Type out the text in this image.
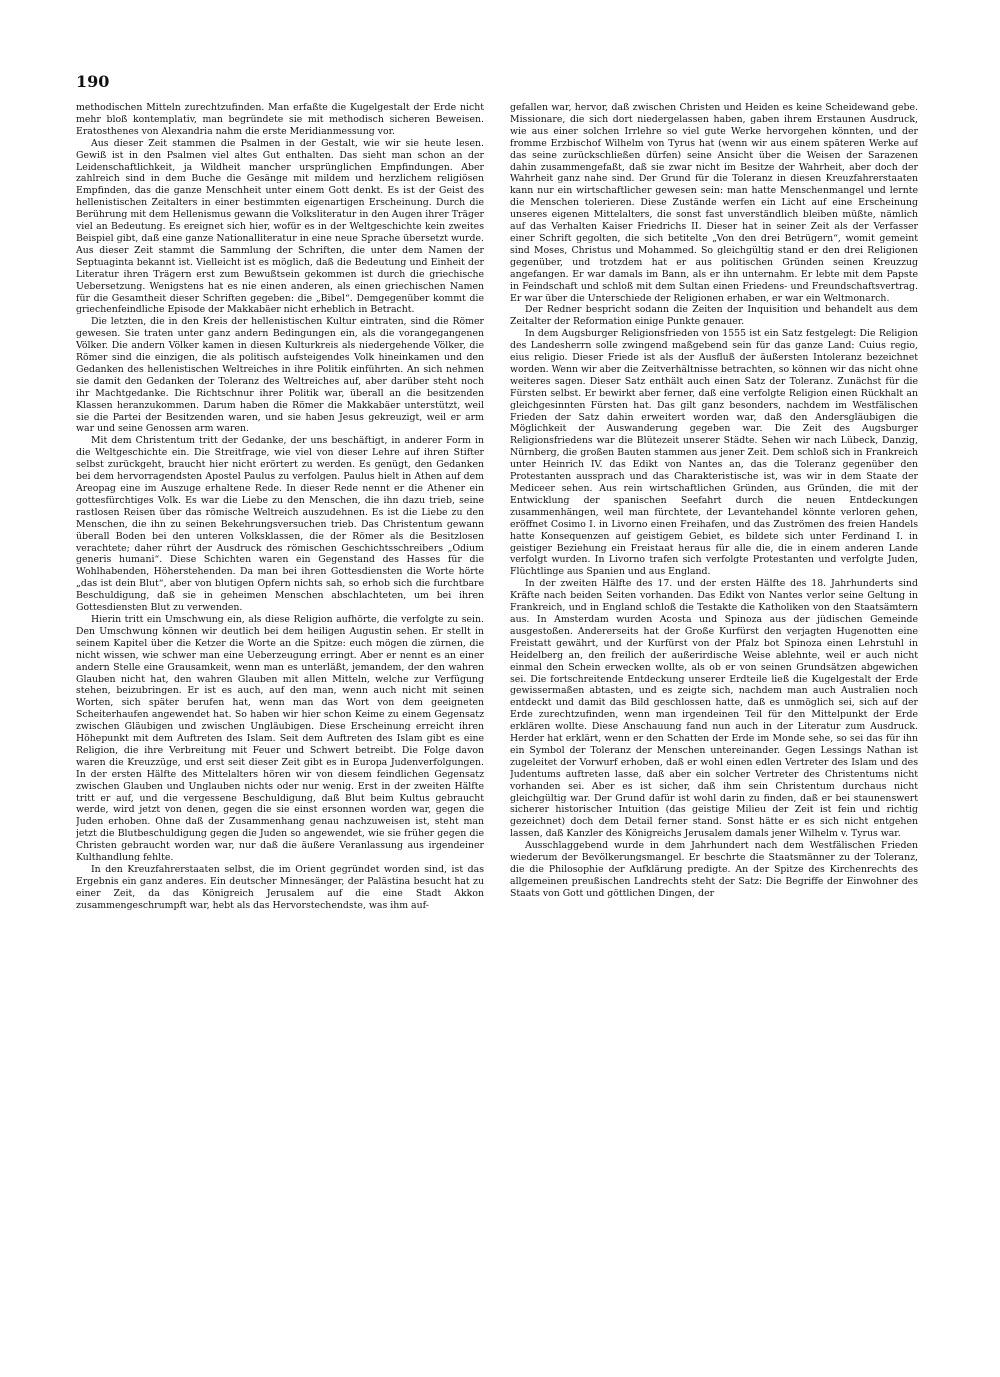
190

methodischen Mitteln zurechtzufinden. Man erfaßte die Kugelgestalt der Erde nicht mehr bloß kontemplativ, man begründete sie mit methodisch sicheren Beweisen. Eratosthenes von Alexandria nahm die erste Meridianmessung vor.

Aus dieser Zeit stammen die Psalmen in der Gestalt, wie wir sie heute lesen. Gewiß ist in den Psalmen viel altes Gut enthalten. Das sieht man schon an der Leidenschaftlichkeit, ja Wildheit mancher ursprünglichen Empfindungen. Aber zahlreich sind in dem Buche die Gesänge mit mildem und herzlichem religiösen Empfinden, das die ganze Menschheit unter einem Gott denkt. Es ist der Geist des hellenistischen Zeitalters in einer bestimmten eigenartigen Erscheinung. Durch die Berührung mit dem Hellenismus gewann die Volksliteratur in den Augen ihrer Träger viel an Bedeutung. Es ereignet sich hier, wofür es in der Weltgeschichte kein zweites Beispiel gibt, daß eine ganze Nationalliteratur in eine neue Sprache übersetzt wurde. Aus dieser Zeit stammt die Sammlung der Schriften, die unter dem Namen der Septuaginta bekannt ist. Vielleicht ist es möglich, daß die Bedeutung und Einheit der Literatur ihren Trägern erst zum Bewußtsein gekommen ist durch die griechische Uebersetzung. Wenigstens hat es nie einen anderen, als einen griechischen Namen für die Gesamtheit dieser Schriften gegeben: die „Bibel“. Demgegenüber kommt die griechenfeindliche Episode der Makkabäer nicht erheblich in Betracht.

Die letzten, die in den Kreis der hellenistischen Kultur eintraten, sind die Römer gewesen. Sie traten unter ganz andern Bedingungen ein, als die vorangegangenen Völker. Die andern Völker kamen in diesen Kulturkreis als niedergehende Völker, die Römer sind die einzigen, die als politisch aufsteigendes Volk hineinkamen und den Gedanken des hellenistischen Weltreiches in ihre Politik einführten. An sich nehmen sie damit den Gedanken der Toleranz des Weltreiches auf, aber darüber steht noch ihr Machtgedanke. Die Richtschnur ihrer Politik war, überall an die besitzenden Klassen heranzukommen. Darum haben die Römer die Makkabäer unterstützt, weil sie die Partei der Besitzenden waren, und sie haben Jesus gekreuzigt, weil er arm war und seine Genossen arm waren.

Mit dem Christentum tritt der Gedanke, der uns beschäftigt, in anderer Form in die Weltgeschichte ein. Die Streitfrage, wie viel von dieser Lehre auf ihren Stifter selbst zurückgeht, braucht hier nicht erörtert zu werden. Es genügt, den Gedanken bei dem hervorragendsten Apostel Paulus zu verfolgen. Paulus hielt in Athen auf dem Areopag eine im Auszuge erhaltene Rede. In dieser Rede nennt er die Athener ein gottesfürchtiges Volk. Es war die Liebe zu den Menschen, die ihn dazu trieb, seine rastlosen Reisen über das römische Weltreich auszudehnen. Es ist die Liebe zu den Menschen, die ihn zu seinen Bekehrungsversuchen trieb. Das Christentum gewann überall Boden bei den unteren Volksklassen, die der Römer als die Besitzlosen verachtete; daher rührt der Ausdruck des römischen Geschichtsschreibers „Odium generis humani“. Diese Schichten waren ein Gegenstand des Hasses für die Wohlhabenden, Höherstehenden. Da man bei ihren Gottesdiensten die Worte hörte „das ist dein Blut“, aber von blutigen Opfern nichts sah, so erhob sich die furchtbare Beschuldigung, daß sie in geheimen Menschen abschlachteten, um bei ihren Gottesdiensten Blut zu verwenden.

Hierin tritt ein Umschwung ein, als diese Religion aufhörte, die verfolgte zu sein. Den Umschwung können wir deutlich bei dem heiligen Augustin sehen. Er stellt in seinem Kapitel über die Ketzer die Worte an die Spitze: euch mögen die zürnen, die nicht wissen, wie schwer man eine Ueberzeugung erringt. Aber er nennt es an einer andern Stelle eine Grausamkeit, wenn man es unterläßt, jemandem, der den wahren Glauben nicht hat, den wahren Glauben mit allen Mitteln, welche zur Verfügung stehen, beizubringen. Er ist es auch, auf den man, wenn auch nicht mit seinen Worten, sich später berufen hat, wenn man das Wort von dem geeigneten Scheiterhaufen angewendet hat. So haben wir hier schon Keime zu einem Gegensatz zwischen Gläubigen und zwischen Ungläubigen. Diese Erscheinung erreicht ihren Höhepunkt mit dem Auftreten des Islam. Seit dem Auftreten des Islam gibt es eine Religion, die ihre Verbreitung mit Feuer und Schwert betreibt. Die Folge davon waren die Kreuzzüge, und erst seit dieser Zeit gibt es in Europa Judenverfolgungen. In der ersten Hälfte des Mittelalters hören wir von diesem feindlichen Gegensatz zwischen Glauben und Unglauben nichts oder nur wenig. Erst in der zweiten Hälfte tritt er auf, und die vergessene Beschuldigung, daß Blut beim Kultus gebraucht werde, wird jetzt von denen, gegen die sie einst ersonnen worden war, gegen die Juden erhoben. Ohne daß der Zusammenhang genau nachzuweisen ist, steht man jetzt die Blutbeschuldigung gegen die Juden so angewendet, wie sie früher gegen die Christen gebraucht worden war, nur daß die äußere Veranlassung aus irgendeiner Kulthandlung fehlte.

In den Kreuzfahrerstaaten selbst, die im Orient gegründet worden sind, ist das Ergebnis ein ganz anderes. Ein deutscher Minnesänger, der Palästina besucht hat zu einer Zeit, da das Königreich Jerusalem auf die eine Stadt Akkon zusammengeschrumpft war, hebt als das Hervorstechendste, was ihm auf-

gefallen war, hervor, daß zwischen Christen und Heiden es keine Scheidewand gebe. Missionare, die sich dort niedergelassen haben, gaben ihrem Erstaunen Ausdruck, wie aus einer solchen Irrlehre so viel gute Werke hervorgehen könnten, und der fromme Erzbischof Wilhelm von Tyrus hat (wenn wir aus einem späteren Werke auf das seine zurückschließen dürfen) seine Ansicht über die Weisen der Sarazenen dahin zusammengefaßt, daß sie zwar nicht im Besitze der Wahrheit, aber doch der Wahrheit ganz nahe sind. Der Grund für die Toleranz in diesen Kreuzfahrerstaaten kann nur ein wirtschaftlicher gewesen sein: man hatte Menschenmangel und lernte die Menschen tolerieren. Diese Zustände werfen ein Licht auf eine Erscheinung unseres eigenen Mittelalters, die sonst fast unverständlich bleiben müßte, nämlich auf das Verhalten Kaiser Friedrichs II. Dieser hat in seiner Zeit als der Verfasser einer Schrift gegolten, die sich betitelte „Von den drei Betrügern“, womit gemeint sind Moses, Christus und Mohammed. So gleichgültig stand er den drei Religionen gegenüber, und trotzdem hat er aus politischen Gründen seinen Kreuzzug angefangen. Er war damals im Bann, als er ihn unternahm. Er lebte mit dem Papste in Feindschaft und schloß mit dem Sultan einen Friedens- und Freundschaftsvertrag. Er war über die Unterschiede der Religionen erhaben, er war ein Weltmonarch.

Der Redner bespricht sodann die Zeiten der Inquisition und behandelt aus dem Zeitalter der Reformation einige Punkte genauer.

In dem Augsburger Religionsfrieden von 1555 ist ein Satz festgelegt: Die Religion des Landesherrn solle zwingend maßgebend sein für das ganze Land: Cuius regio, eius religio. Dieser Friede ist als der Ausfluß der äußersten Intoleranz bezeichnet worden. Wenn wir aber die Zeitverhältnisse betrachten, so können wir das nicht ohne weiteres sagen. Dieser Satz enthält auch einen Satz der Toleranz. Zunächst für die Fürsten selbst. Er bewirkt aber ferner, daß eine verfolgte Religion einen Rückhalt an gleichgesinnten Fürsten hat. Das gilt ganz besonders, nachdem im Westfälischen Frieden der Satz dahin erweitert worden war, daß den Andersgläubigen die Möglichkeit der Auswanderung gegeben war. Die Zeit des Augsburger Religionsfriedens war die Blütezeit unserer Städte. Sehen wir nach Lübeck, Danzig, Nürnberg, die großen Bauten stammen aus jener Zeit. Dem schloß sich in Frankreich unter Heinrich IV. das Edikt von Nantes an, das die Toleranz gegenüber den Protestanten aussprach und das Charakteristische ist, was wir in dem Staate der Mediceer sehen. Aus rein wirtschaftlichen Gründen, aus Gründen, die mit der Entwicklung der spanischen Seefahrt durch die neuen Entdeckungen zusammenhängen, weil man fürchtete, der Levantehandel könnte verloren gehen, eröffnet Cosimo I. in Livorno einen Freihafen, und das Zuströmen des freien Handels hatte Konsequenzen auf geistigem Gebiet, es bildete sich unter Ferdinand I. in geistiger Beziehung ein Freistaat heraus für alle die, die in einem anderen Lande verfolgt wurden. In Livorno trafen sich verfolgte Protestanten und verfolgte Juden, Flüchtlinge aus Spanien und aus England.

In der zweiten Hälfte des 17. und der ersten Hälfte des 18. Jahrhunderts sind Kräfte nach beiden Seiten vorhanden. Das Edikt von Nantes verlor seine Geltung in Frankreich, und in England schloß die Testakte die Katholiken von den Staatsämtern aus. In Amsterdam wurden Acosta und Spinoza aus der jüdischen Gemeinde ausgestoßen. Andererseits hat der Große Kurfürst den verjagten Hugenotten eine Freistatt gewährt, und der Kurfürst von der Pfalz bot Spinoza einen Lehrstuhl in Heidelberg an, den freilich der außerirdische Weise ablehnte, weil er auch nicht einmal den Schein erwecken wollte, als ob er von seinen Grundsätzen abgewichen sei. Die fortschreitende Entdeckung unserer Erdteile ließ die Kugelgestalt der Erde gewissermaßen abtasten, und es zeigte sich, nachdem man auch Australien noch entdeckt und damit das Bild geschlossen hatte, daß es unmöglich sei, sich auf der Erde zurechtzufinden, wenn man irgendeinen Teil für den Mittelpunkt der Erde erklären wollte. Diese Anschauung fand nun auch in der Literatur zum Ausdruck. Herder hat erklärt, wenn er den Schatten der Erde im Monde sehe, so sei das für ihn ein Symbol der Toleranz der Menschen untereinander. Gegen Lessings Nathan ist zugeleitet der Vorwurf erhoben, daß er wohl einen edlen Vertreter des Islam und des Judentums auftreten lasse, daß aber ein solcher Vertreter des Christentums nicht vorhanden sei. Aber es ist sicher, daß ihm sein Christentum durchaus nicht gleichgültig war. Der Grund dafür ist wohl darin zu finden, daß er bei staunenswert sicherer historischer Intuition (das geistige Milieu der Zeit ist fein und richtig gezeichnet) doch dem Detail ferner stand. Sonst hätte er es sich nicht entgehen lassen, daß Kanzler des Königreichs Jerusalem damals jener Wilhelm v. Tyrus war.

Ausschlaggebend wurde in dem Jahrhundert nach dem Westfälischen Frieden wiederum der Bevölkerungsmangel. Er beschrte die Staatsmänner zu der Toleranz, die die Philosophie der Aufklärung predigte. An der Spitze des Kirchenrechts des allgemeinen preußischen Landrechts steht der Satz: Die Begriffe der Einwohner des Staats von Gott und göttlichen Dingen, der
